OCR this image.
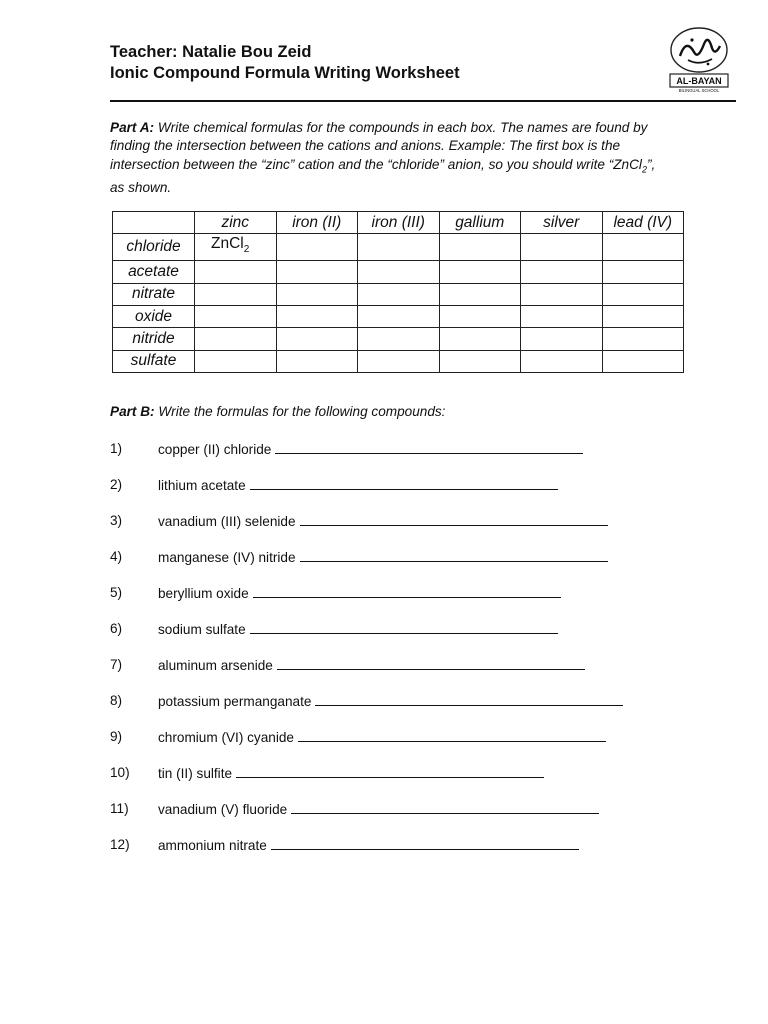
Teacher: Natalie Bou Zeid
Ionic Compound Formula Writing Worksheet	AL-BAYAN
BILINGUAL SCHOOL
Part A: Write chemical formulas for the compounds in each box. The names are found by finding the intersection between the cations and anions. Example: The first box is the intersection between the “zinc” cation and the “chloride” anion, so you should write “ZnCl$_2$”, as shown.
	zinc	iron (II)	iron (III)	gallium	silver	lead (IV)
chloride	ZnCl$_2$					
acetate						
nitrate						
oxide						
nitride						
sulfate						
Part B: Write the formulas for the following compounds:
1)	copper (II) chloride
2)	lithium acetate
3)	vanadium (III) selenide
4)	manganese (IV) nitride
5)	beryllium oxide
6)	sodium sulfate
7)	aluminum arsenide
8)	potassium permanganate
9)	chromium (VI) cyanide
10)	tin (II) sulfite
11)	vanadium (V) fluoride
12)	ammonium nitrate
